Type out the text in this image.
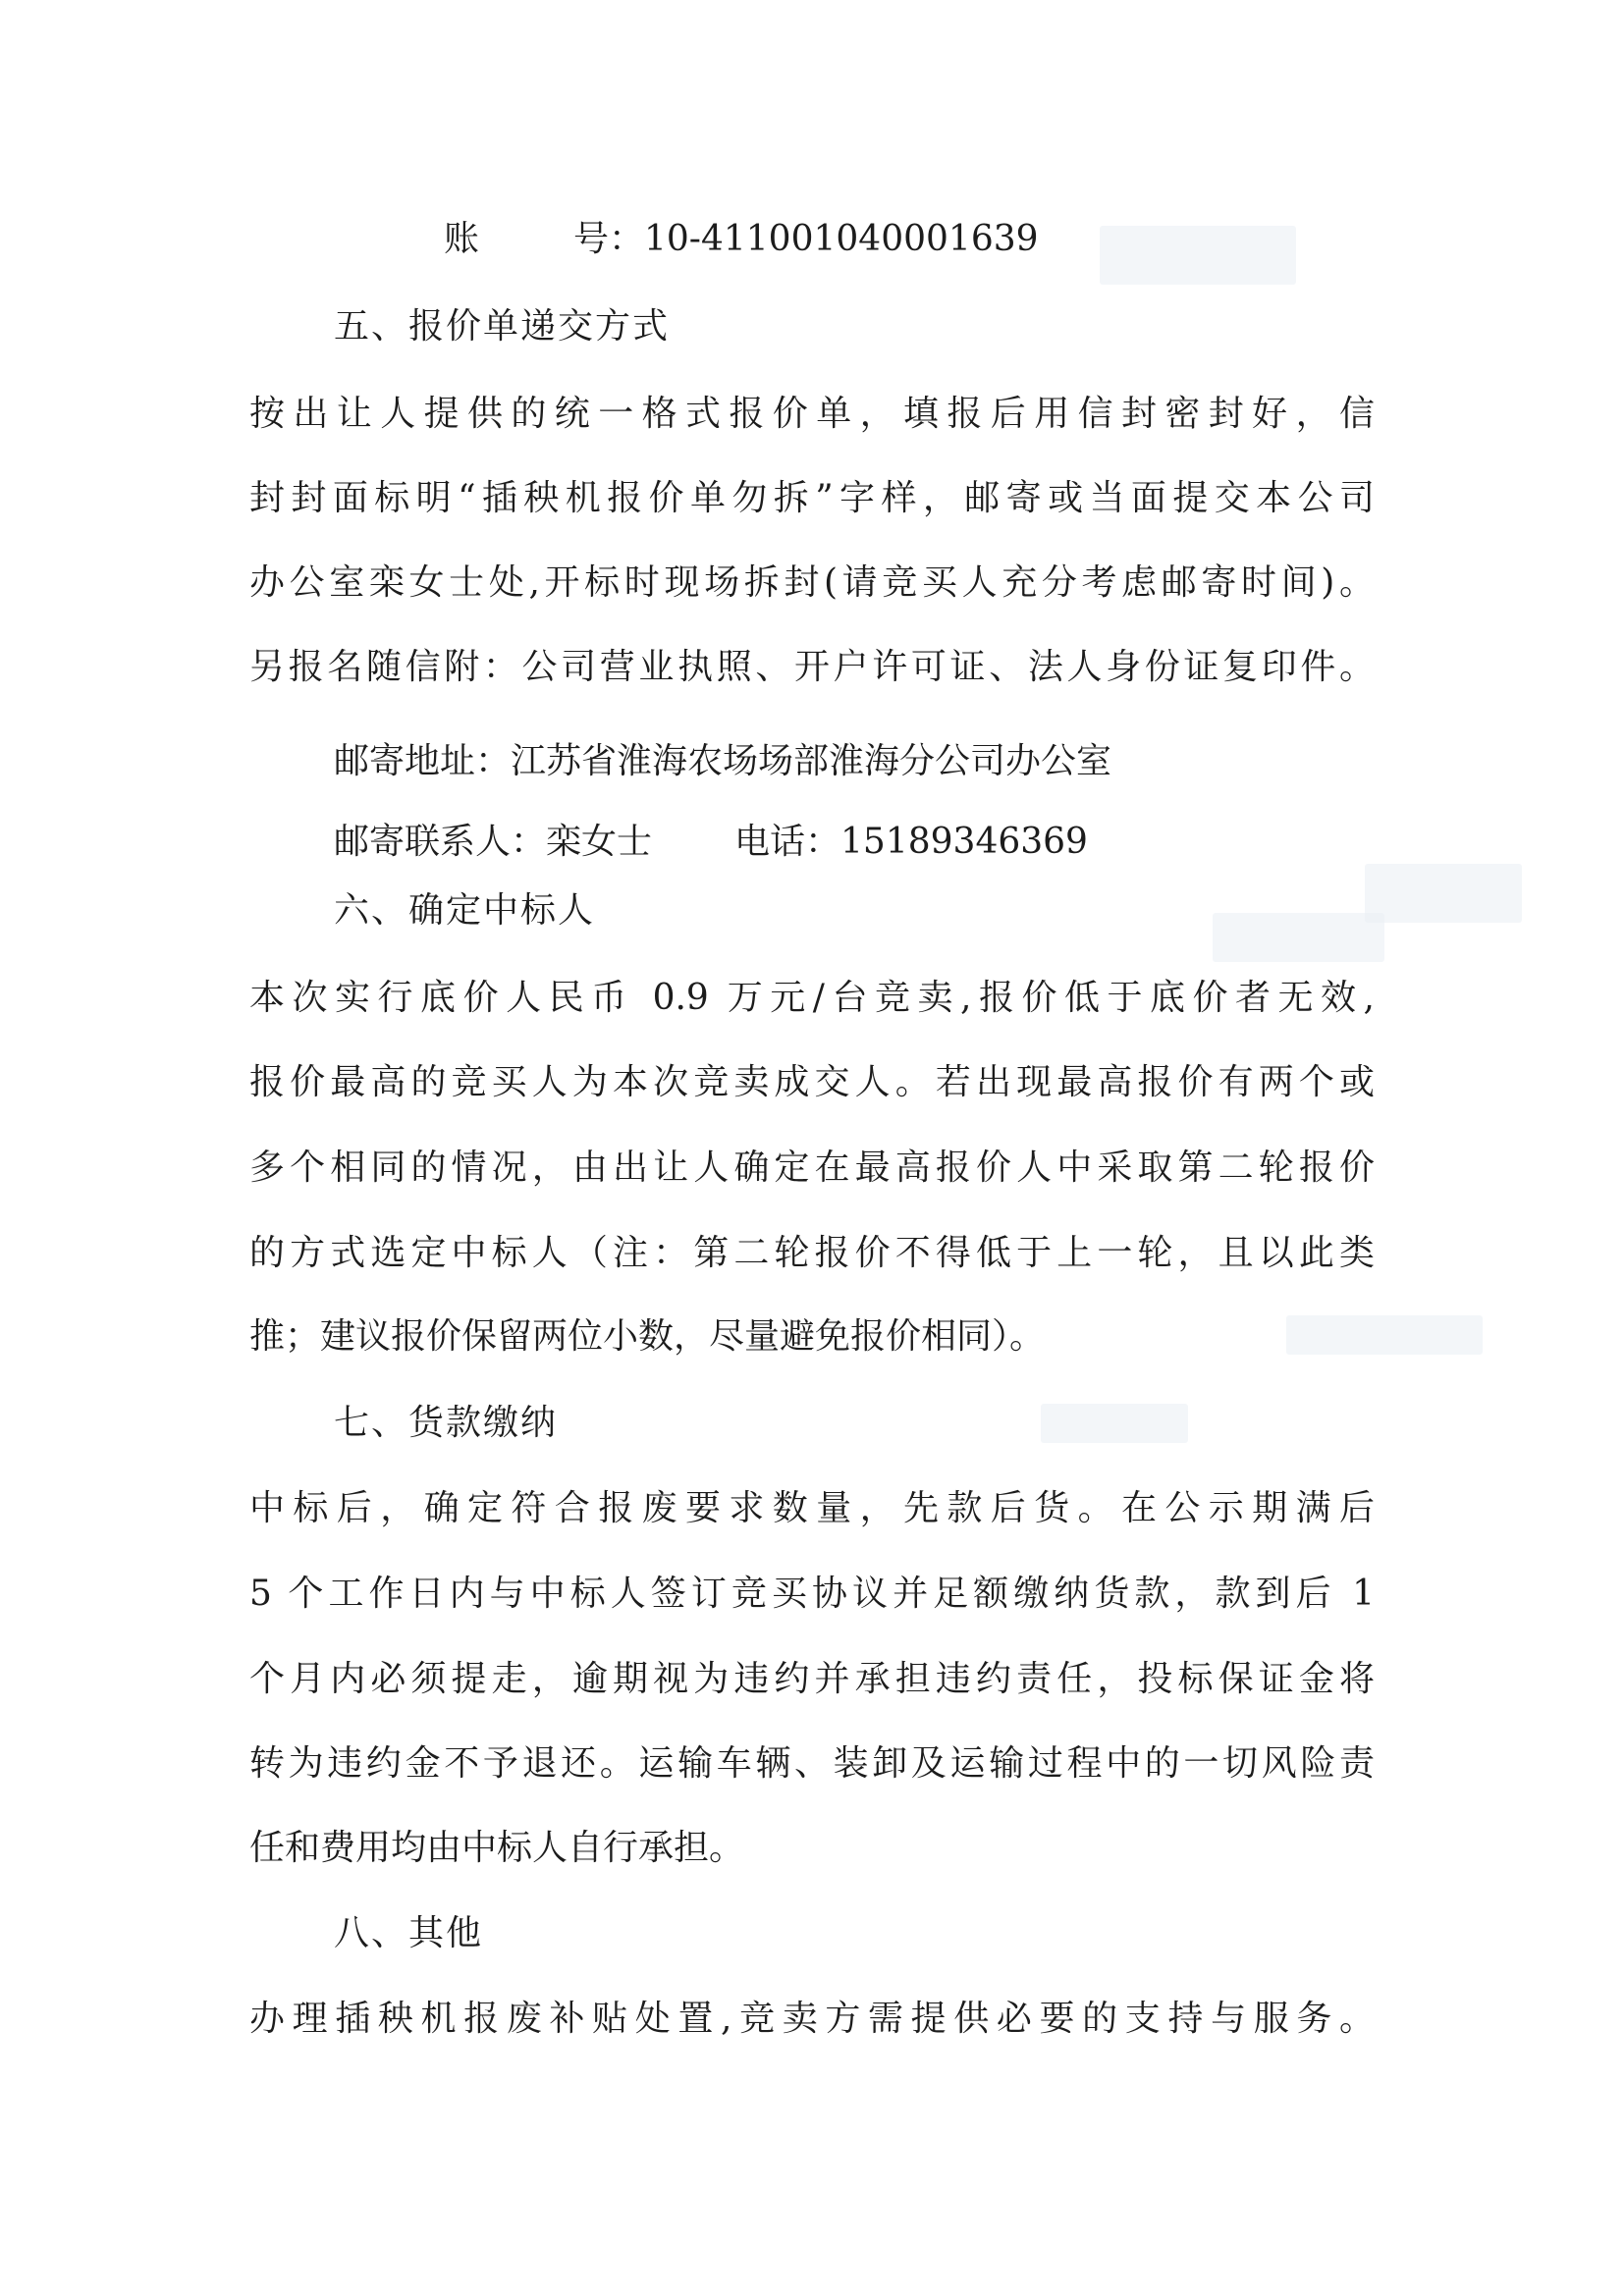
账	号：10-411001040001639
五、报价单递交方式
按出让人提供的统一格式报价单，填报后用信封密封好，信
封封面标明“插秧机报价单勿拆”字样，邮寄或当面提交本公司
办公室栾女士处,开标时现场拆封(请竞买人充分考虑邮寄时间)。
另报名随信附：公司营业执照、开户许可证、法人身份证复印件。
邮寄地址：江苏省淮海农场场部淮海分公司办公室
邮寄联系人：栾女士 电话：15189346369
六、确定中标人
本次实行底价人民币 0.9 万元/台竞卖,报价低于底价者无效,
报价最高的竞买人为本次竞卖成交人。若出现最高报价有两个或
多个相同的情况，由出让人确定在最高报价人中采取第二轮报价
的方式选定中标人（注：第二轮报价不得低于上一轮，且以此类
推；建议报价保留两位小数，尽量避免报价相同）。
七、货款缴纳
中标后，确定符合报废要求数量，先款后货。在公示期满后
5 个工作日内与中标人签订竞买协议并足额缴纳货款，款到后 1
个月内必须提走，逾期视为违约并承担违约责任，投标保证金将
转为违约金不予退还。运输车辆、装卸及运输过程中的一切风险责
任和费用均由中标人自行承担。
八、其他
办理插秧机报废补贴处置,竞卖方需提供必要的支持与服务。
